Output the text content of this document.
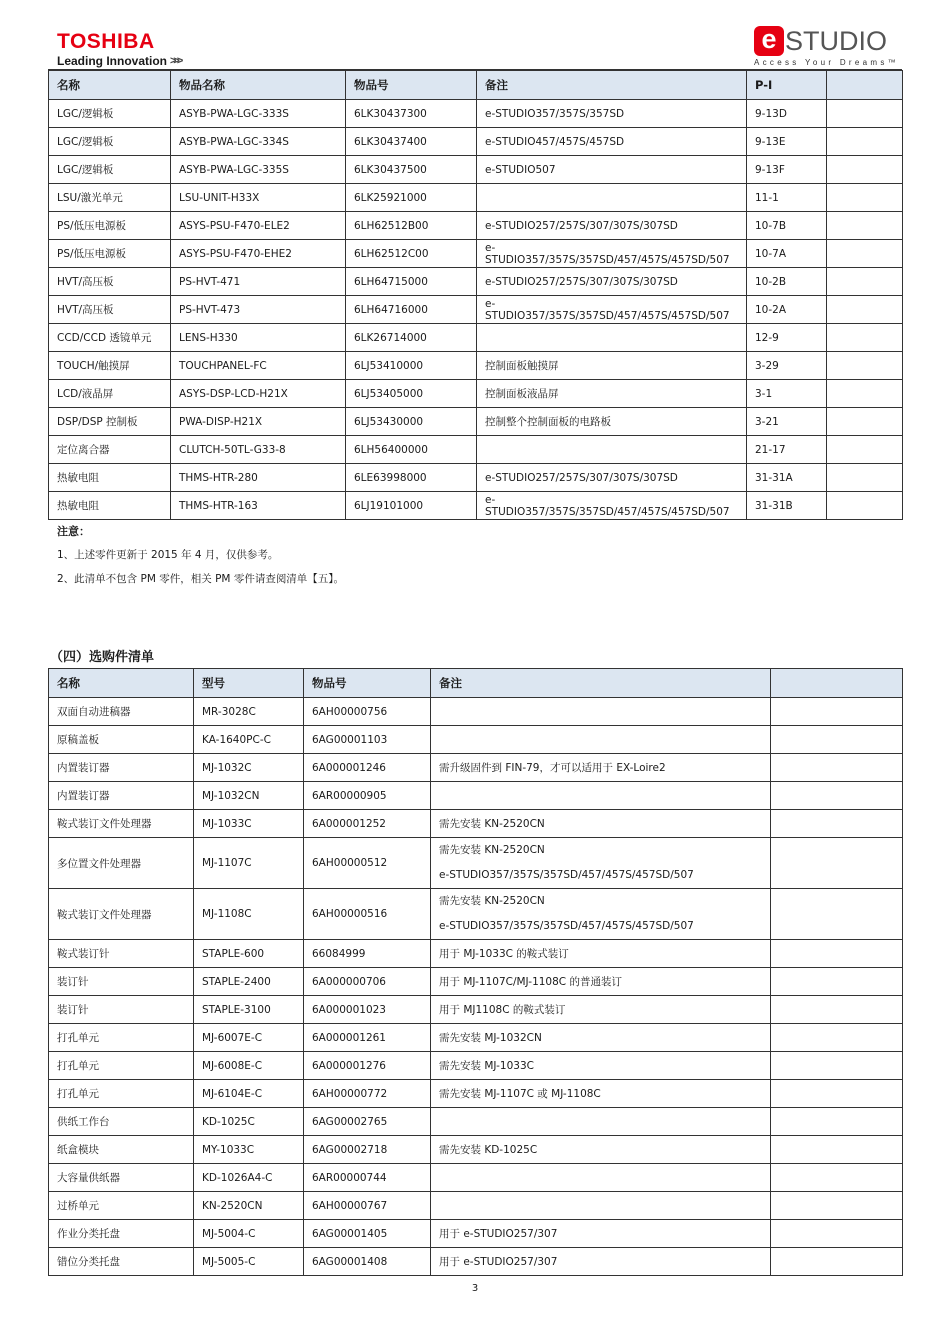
TOSHIBA
Leading Innovation >>>
e STUDIO
Access Your Dreams™
名称	物品名称	物品号	备注	P-I	
LGC/逻辑板	ASYB-PWA-LGC-333S	6LK30437300	e-STUDIO357/357S/357SD	9-13D	
LGC/逻辑板	ASYB-PWA-LGC-334S	6LK30437400	e-STUDIO457/457S/457SD	9-13E	
LGC/逻辑板	ASYB-PWA-LGC-335S	6LK30437500	e-STUDIO507	9-13F	
LSU/激光单元	LSU-UNIT-H33X	6LK25921000		11-1	
PS/低压电源板	ASYS-PSU-F470-ELE2	6LH62512B00	e-STUDIO257/257S/307/307S/307SD	10-7B	
PS/低压电源板	ASYS-PSU-F470-EHE2	6LH62512C00	e-STUDIO357/357S/357SD/457/457S/457SD/507	10-7A	
HVT/高压板	PS-HVT-471	6LH64715000	e-STUDIO257/257S/307/307S/307SD	10-2B	
HVT/高压板	PS-HVT-473	6LH64716000	e-STUDIO357/357S/357SD/457/457S/457SD/507	10-2A	
CCD/CCD 透镜单元	LENS-H330	6LK26714000		12-9	
TOUCH/触摸屏	TOUCHPANEL-FC	6LJ53410000	控制面板触摸屏	3-29	
LCD/液晶屏	ASYS-DSP-LCD-H21X	6LJ53405000	控制面板液晶屏	3-1	
DSP/DSP 控制板	PWA-DISP-H21X	6LJ53430000	控制整个控制面板的电路板	3-21	
定位离合器	CLUTCH-50TL-G33-8	6LH56400000		21-17	
热敏电阻	THMS-HTR-280	6LE63998000	e-STUDIO257/257S/307/307S/307SD	31-31A	
热敏电阻	THMS-HTR-163	6LJ19101000	e-STUDIO357/357S/357SD/457/457S/457SD/507	31-31B	
注意：
1、上述零件更新于 2015 年 4 月，仅供参考。
2、此清单不包含 PM 零件，相关 PM 零件请查阅清单【五】。
（四）选购件清单
名称	型号	物品号	备注	
双面自动进稿器	MR-3028C	6AH00000756	

原稿盖板	KA-1640PC-C	6AG00001103	

内置装订器	MJ-1032C	6A000001246	需升级固件到 FIN-79，才可以适用于 EX-Loire2	

内置装订器	MJ-1032CN	6AR00000905	

鞍式装订文件处理器	MJ-1033C	6A000001252	需先安装 KN-2520CN	

多位置文件处理器	MJ-1107C	6AH00000512	需先安装 KN-2520CN
e-STUDIO357/357S/357SD/457/457S/457SD/507	

鞍式装订文件处理器	MJ-1108C	6AH00000516	需先安装 KN-2520CN
e-STUDIO357/357S/357SD/457/457S/457SD/507	

鞍式装订针	STAPLE-600	66084999	用于 MJ-1033C 的鞍式装订	

装订针	STAPLE-2400	6A000000706	用于 MJ-1107C/MJ-1108C 的普通装订	

装订针	STAPLE-3100	6A000001023	用于 MJ1108C 的鞍式装订	

打孔单元	MJ-6007E-C	6A000001261	需先安装 MJ-1032CN	

打孔单元	MJ-6008E-C	6A000001276	需先安装 MJ-1033C	

打孔单元	MJ-6104E-C	6AH00000772	需先安装 MJ-1107C 或 MJ-1108C	

供纸工作台	KD-1025C	6AG00002765	

纸盒模块	MY-1033C	6AG00002718	需先安装 KD-1025C	

大容量供纸器	KD-1026A4-C	6AR00000744	

过桥单元	KN-2520CN	6AH00000767	

作业分类托盘	MJ-5004-C	6AG00001405	用于 e-STUDIO257/307	

错位分类托盘	MJ-5005-C	6AG00001408	用于 e-STUDIO257/307	

3
